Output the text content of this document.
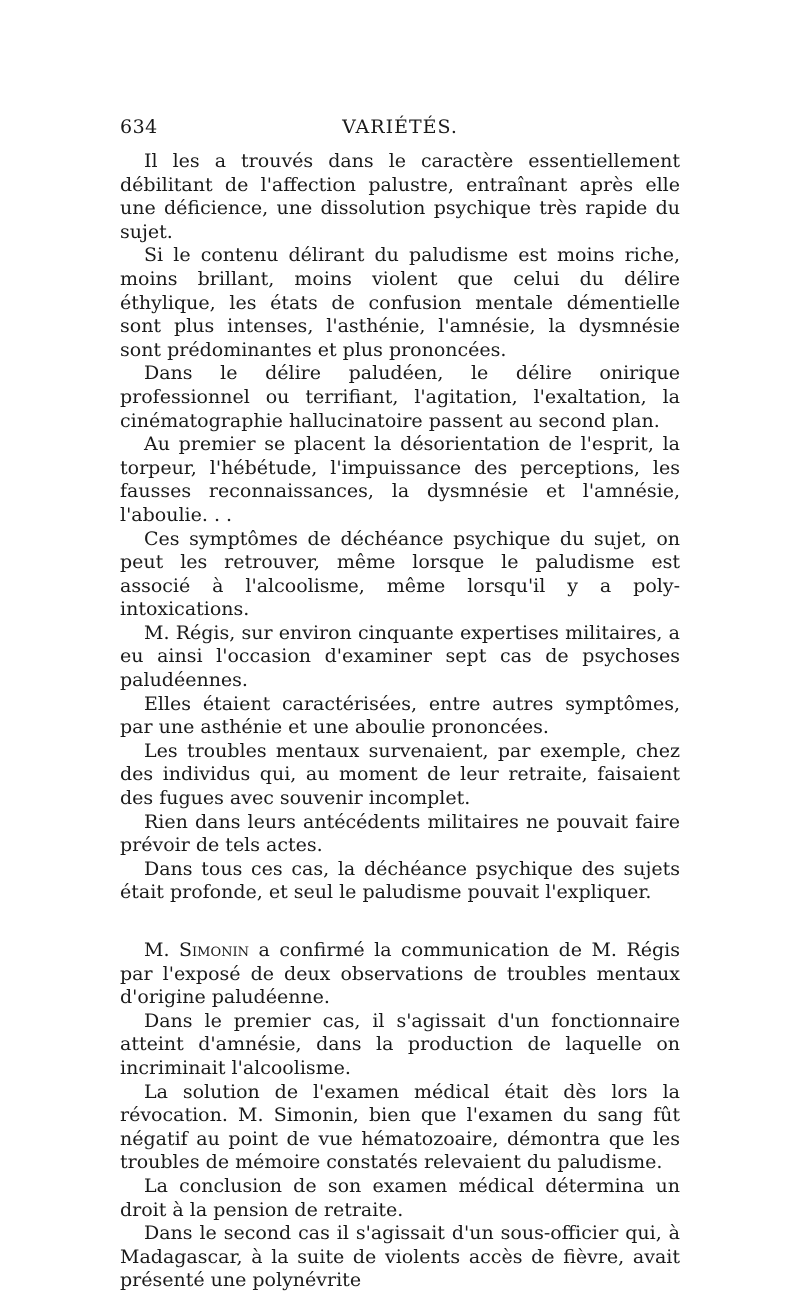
634	VARIÉTÉS.

Il les a trouvés dans le caractère essentiellement débilitant de l'affection palustre, entraînant après elle une déficience, une dissolution psychique très rapide du sujet.

Si le contenu délirant du paludisme est moins riche, moins brillant, moins violent que celui du délire éthylique, les états de confusion mentale démentielle sont plus intenses, l'asthénie, l'amnésie, la dysmnésie sont prédominantes et plus prononcées.

Dans le délire paludéen, le délire onirique professionnel ou terrifiant, l'agitation, l'exaltation, la cinématographie hallucinatoire passent au second plan.

Au premier se placent la désorientation de l'esprit, la torpeur, l'hébétude, l'impuissance des perceptions, les fausses reconnaissances, la dysmnésie et l'amnésie, l'aboulie. . .

Ces symptômes de déchéance psychique du sujet, on peut les retrouver, même lorsque le paludisme est associé à l'alcoolisme, même lorsqu'il y a poly-intoxications.

M. Régis, sur environ cinquante expertises militaires, a eu ainsi l'occasion d'examiner sept cas de psychoses paludéennes.

Elles étaient caractérisées, entre autres symptômes, par une asthénie et une aboulie prononcées.

Les troubles mentaux survenaient, par exemple, chez des individus qui, au moment de leur retraite, faisaient des fugues avec souvenir incomplet.

Rien dans leurs antécédents militaires ne pouvait faire prévoir de tels actes.

Dans tous ces cas, la déchéance psychique des sujets était profonde, et seul le paludisme pouvait l'expliquer.

M. Simonin a confirmé la communication de M. Régis par l'exposé de deux observations de troubles mentaux d'origine paludéenne.

Dans le premier cas, il s'agissait d'un fonctionnaire atteint d'amnésie, dans la production de laquelle on incriminait l'alcoolisme.

La solution de l'examen médical était dès lors la révocation. M. Simonin, bien que l'examen du sang fût négatif au point de vue hématozoaire, démontra que les troubles de mémoire constatés relevaient du paludisme.

La conclusion de son examen médical détermina un droit à la pension de retraite.

Dans le second cas il s'agissait d'un sous-officier qui, à Madagascar, à la suite de violents accès de fièvre, avait présenté une polynévrite
